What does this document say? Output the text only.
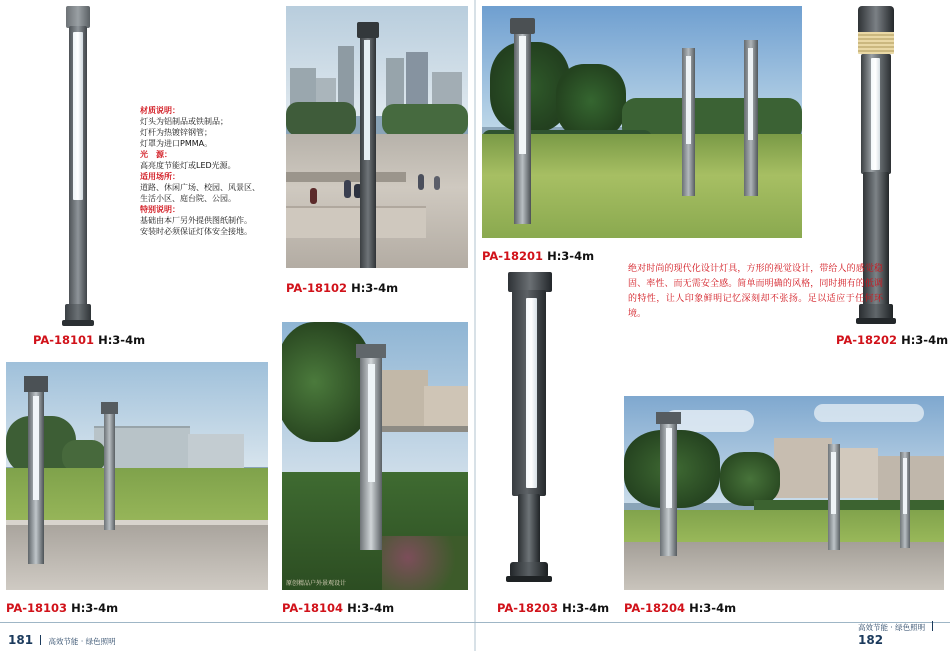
PA-18101 H:3-4m
材质说明：
灯头为铝制品或铁制品；
灯杆为热镀锌钢管；
灯罩为进口PMMA。
光　源：
高亮度节能灯或LED光源。
适用场所：
道路、休闲广场、校园、风景区、
生活小区、庭台院、公园。
特别说明：
基础由本厂另外提供图纸制作。
安装时必须保证灯体安全接地。
PA-18102 H:3-4m
PA-18201 H:3-4m
PA-18202 H:3-4m
绝对时尚的现代化设计灯具，方形的视觉设计，带给人的感觉稳固、率性、而无需安全感。简单而明确的风格，同时拥有的低调的特性，让人印象鲜明记忆深刻却不张扬。足以适应于任何环境。
PA-18103 H:3-4m
原创精品户外景观设计
PA-18104 H:3-4m	PA-18203 H:3-4m PA-18204 H:3-4m
181 高效节能 · 绿色照明
高效节能 · 绿色照明  182
